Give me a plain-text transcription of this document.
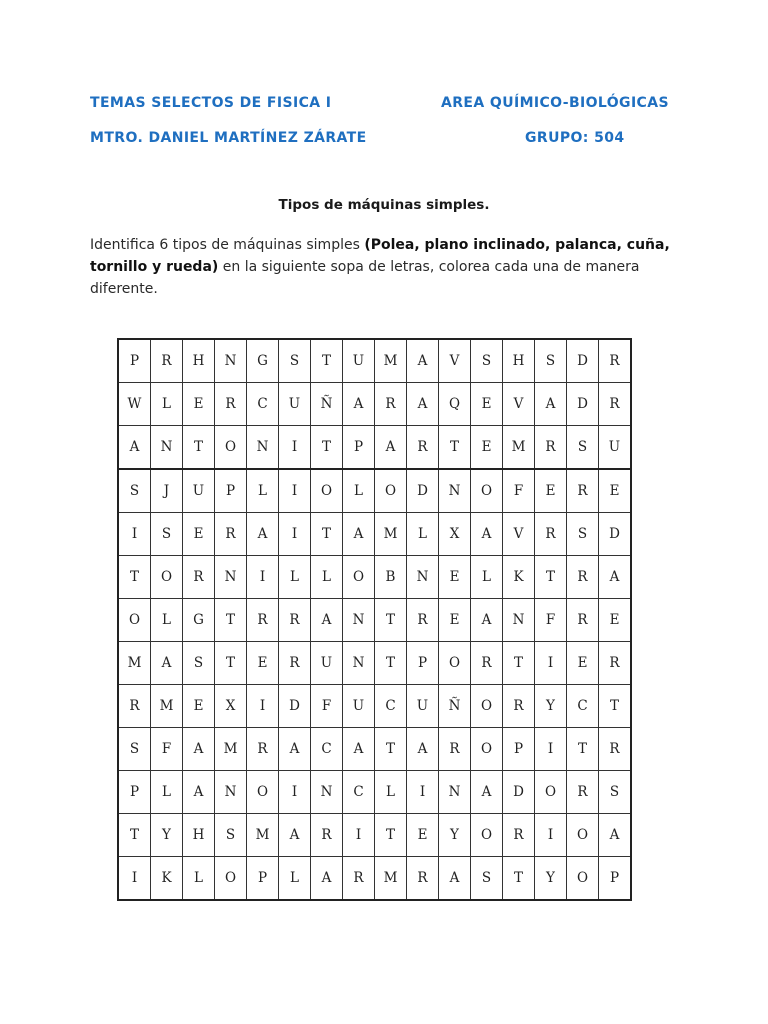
TEMAS SELECTOS DE FISICA I	AREA QUÍMICO-BIOLÓGICAS
MTRO. DANIEL MARTÍNEZ ZÁRATE	GRUPO: 504
Tipos de máquinas simples.
Identifica 6 tipos de máquinas simples (Polea, plano inclinado, palanca, cuña, tornillo y rueda) en la siguiente sopa de letras, colorea cada una de manera diferente.
P	R	H	N	G	S	T	U	M	A	V	S	H	S	D	R
W	L	E	R	C	U	Ñ	A	R	A	Q	E	V	A	D	R
A	N	T	O	N	I	T	P	A	R	T	E	M	R	S	U
S	J	U	P	L	I	O	L	O	D	N	O	F	E	R	E
I	S	E	R	A	I	T	A	M	L	X	A	V	R	S	D
T	O	R	N	I	L	L	O	B	N	E	L	K	T	R	A
O	L	G	T	R	R	A	N	T	R	E	A	N	F	R	E
M	A	S	T	E	R	U	N	T	P	O	R	T	I	E	R
R	M	E	X	I	D	F	U	C	U	Ñ	O	R	Y	C	T
S	F	A	M	R	A	C	A	T	A	R	O	P	I	T	R
P	L	A	N	O	I	N	C	L	I	N	A	D	O	R	S
T	Y	H	S	M	A	R	I	T	E	Y	O	R	I	O	A
I	K	L	O	P	L	A	R	M	R	A	S	T	Y	O	P
